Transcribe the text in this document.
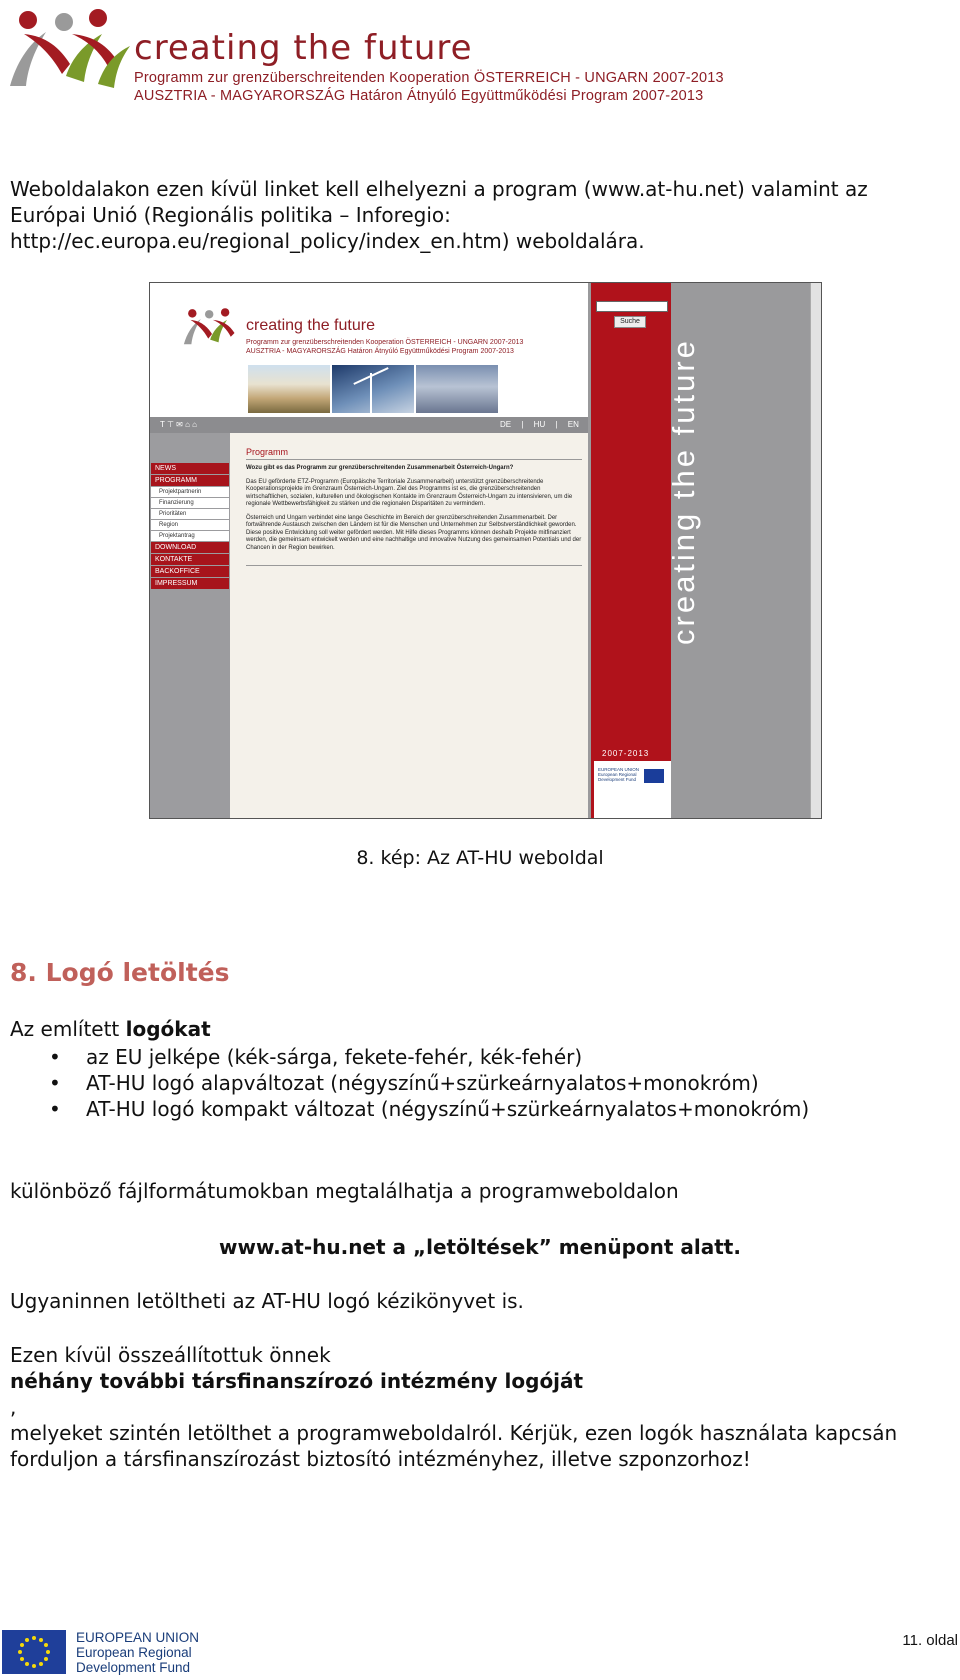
creating the future
Programm zur grenzüberschreitenden Kooperation ÖSTERREICH - UNGARN 2007-2013
AUSZTRIA - MAGYARORSZÁG Határon Átnyúló Együttműködési Program 2007-2013
Weboldalakon ezen kívül linket kell elhelyezni a program (www.at-hu.net) valamint az
Európai Unió (Regionális politika – Inforegio:
http://ec.europa.eu/regional_policy/index_en.htm) weboldalára.
creating the future
Programm zur grenzüberschreitenden Kooperation ÖSTERREICH - UNGARN 2007-2013
AUSZTRIA - MAGYARORSZÁG Határon Átnyúló Együttműködési Program 2007-2013
T ⊤ ✉ ⌂ ⌂	DE | HU | EN
NEWS
PROGRAMM
Projektpartnerin
Finanzierung
Prioritäten
Region
Projektantrag
DOWNLOAD
KONTAKTE
BACKOFFICE
IMPRESSUM
Programm
Wozu gibt es das Programm zur grenzüberschreitenden Zusammenarbeit Österreich-Ungarn?
Das EU geförderte ETZ-Programm (Europäische Territoriale Zusammenarbeit) unterstützt grenzüberschreitende Kooperationsprojekte im Grenzraum Österreich-Ungarn. Ziel des Programms ist es, die grenzüberschreitenden wirtschaftlichen, sozialen, kulturellen und ökologischen Kontakte im Grenzraum Österreich-Ungarn zu intensivieren, um die regionale Wettbewerbsfähigkeit zu stärken und die regionalen Disparitäten zu vermindern.
Österreich und Ungarn verbindet eine lange Geschichte im Bereich der grenzüberschreitenden Zusammenarbeit. Der fortwährende Austausch zwischen den Ländern ist für die Menschen und Unternehmen zur Selbstverständlichkeit geworden. Diese positive Entwicklung soll weiter gefördert werden. Mit Hilfe dieses Programms können deshalb Projekte mitfinanziert werden, die gemeinsam entwickelt werden und eine nachhaltige und innovative Nutzung des gemeinsamen Potentials und der Chancen in der Region bewirken.
Suche
creating the future
2007-2013
EUROPEAN UNION
European Regional
Development Fund
8. kép: Az AT-HU weboldal
8. Logó letöltés
Az említett logókat
• az EU jelképe (kék-sárga, fekete-fehér, kék-fehér)
• AT-HU logó alapváltozat (négyszínű+szürkeárnyalatos+monokróm)
• AT-HU logó kompakt változat (négyszínű+szürkeárnyalatos+monokróm)
különböző fájlformátumokban megtalálhatja a programweboldalon
www.at-hu.net a „letöltések” menüpont alatt.
Ugyaninnen letöltheti az AT-HU logó kézikönyvet is.
Ezen kívül összeállítottuk önnek
néhány további társfinanszírozó intézmény logóját
,
melyeket szintén letölthet a programweboldalról. Kérjük, ezen logók használata kapcsán
forduljon a társfinanszírozást biztosító intézményhez, illetve szponzorhoz!
EUROPEAN UNION
European Regional
Development Fund
11. oldal
